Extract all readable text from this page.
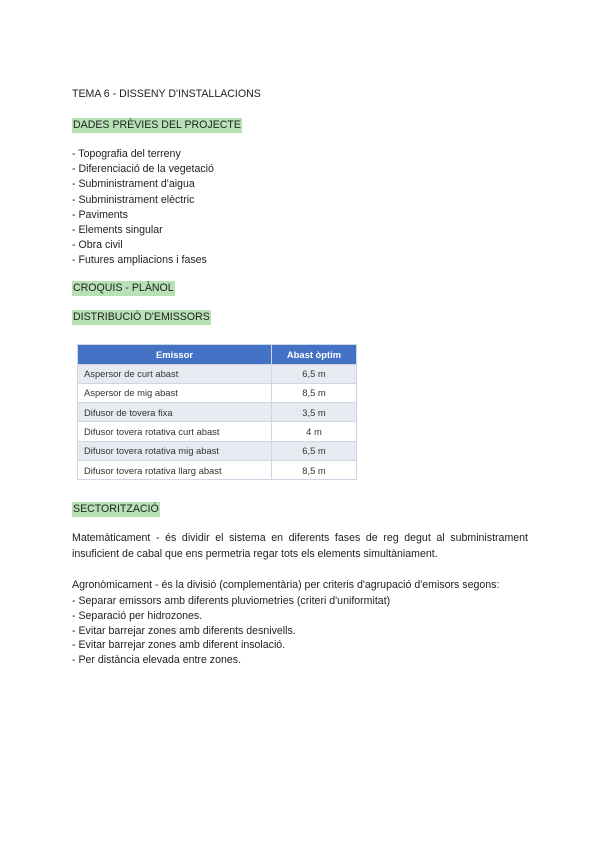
TEMA 6 - DISSENY D'INSTALLACIONS

DADES PRÈVIES DEL PROJECTE
- Topografia del terreny
- Diferenciació de la vegetació
- Subministrament d'aigua
- Subministrament elèctric
- Paviments
- Elements singular
- Obra civil
- Futures ampliacions i fases
CROQUIS - PLÀNOL
DISTRIBUCIÓ D'EMISSORS
Emissor	Abast òptim
Aspersor de curt abast	6,5 m
Aspersor de mig abast	8,5 m
Difusor de tovera fixa	3,5 m
Difusor tovera rotativa curt abast	4 m
Difusor tovera rotativa mig abast	6,5 m
Difusor tovera rotativa llarg abast	8,5 m
SECTORITZACIÓ

Matemàticament - és dividir el sistema en diferents fases de reg degut al subministrament insuficient de cabal que ens permetria regar tots els elements simultàniament.

Agronòmicament - és la divisió (complementària) per criteris d'agrupació d'emisors segons:

- Separar emissors amb diferents pluviometries (criteri d'uniformitat)
- Separació per hidrozones.
- Evitar barrejar zones amb diferents desnivells.
- Evitar barrejar zones amb diferent insolació.
- Per distància elevada entre zones.
